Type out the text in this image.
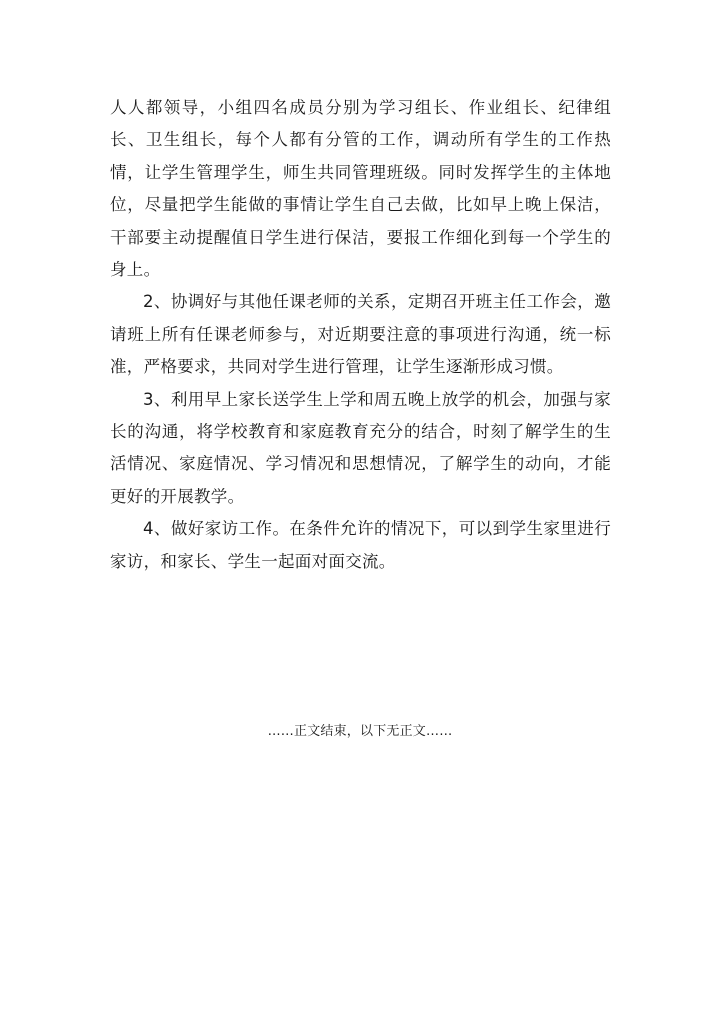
人人都领导，小组四名成员分别为学习组长、作业组长、纪律组长、卫生组长，每个人都有分管的工作，调动所有学生的工作热情，让学生管理学生，师生共同管理班级。同时发挥学生的主体地位，尽量把学生能做的事情让学生自己去做，比如早上晚上保洁，干部要主动提醒值日学生进行保洁，要报工作细化到每一个学生的身上。

2、协调好与其他任课老师的关系，定期召开班主任工作会，邀请班上所有任课老师参与，对近期要注意的事项进行沟通，统一标准，严格要求，共同对学生进行管理，让学生逐渐形成习惯。

3、利用早上家长送学生上学和周五晚上放学的机会，加强与家长的沟通，将学校教育和家庭教育充分的结合，时刻了解学生的生活情况、家庭情况、学习情况和思想情况，了解学生的动向，才能更好的开展教学。

4、做好家访工作。在条件允许的情况下，可以到学生家里进行家访，和家长、学生一起面对面交流。

……正文结束，以下无正文……
